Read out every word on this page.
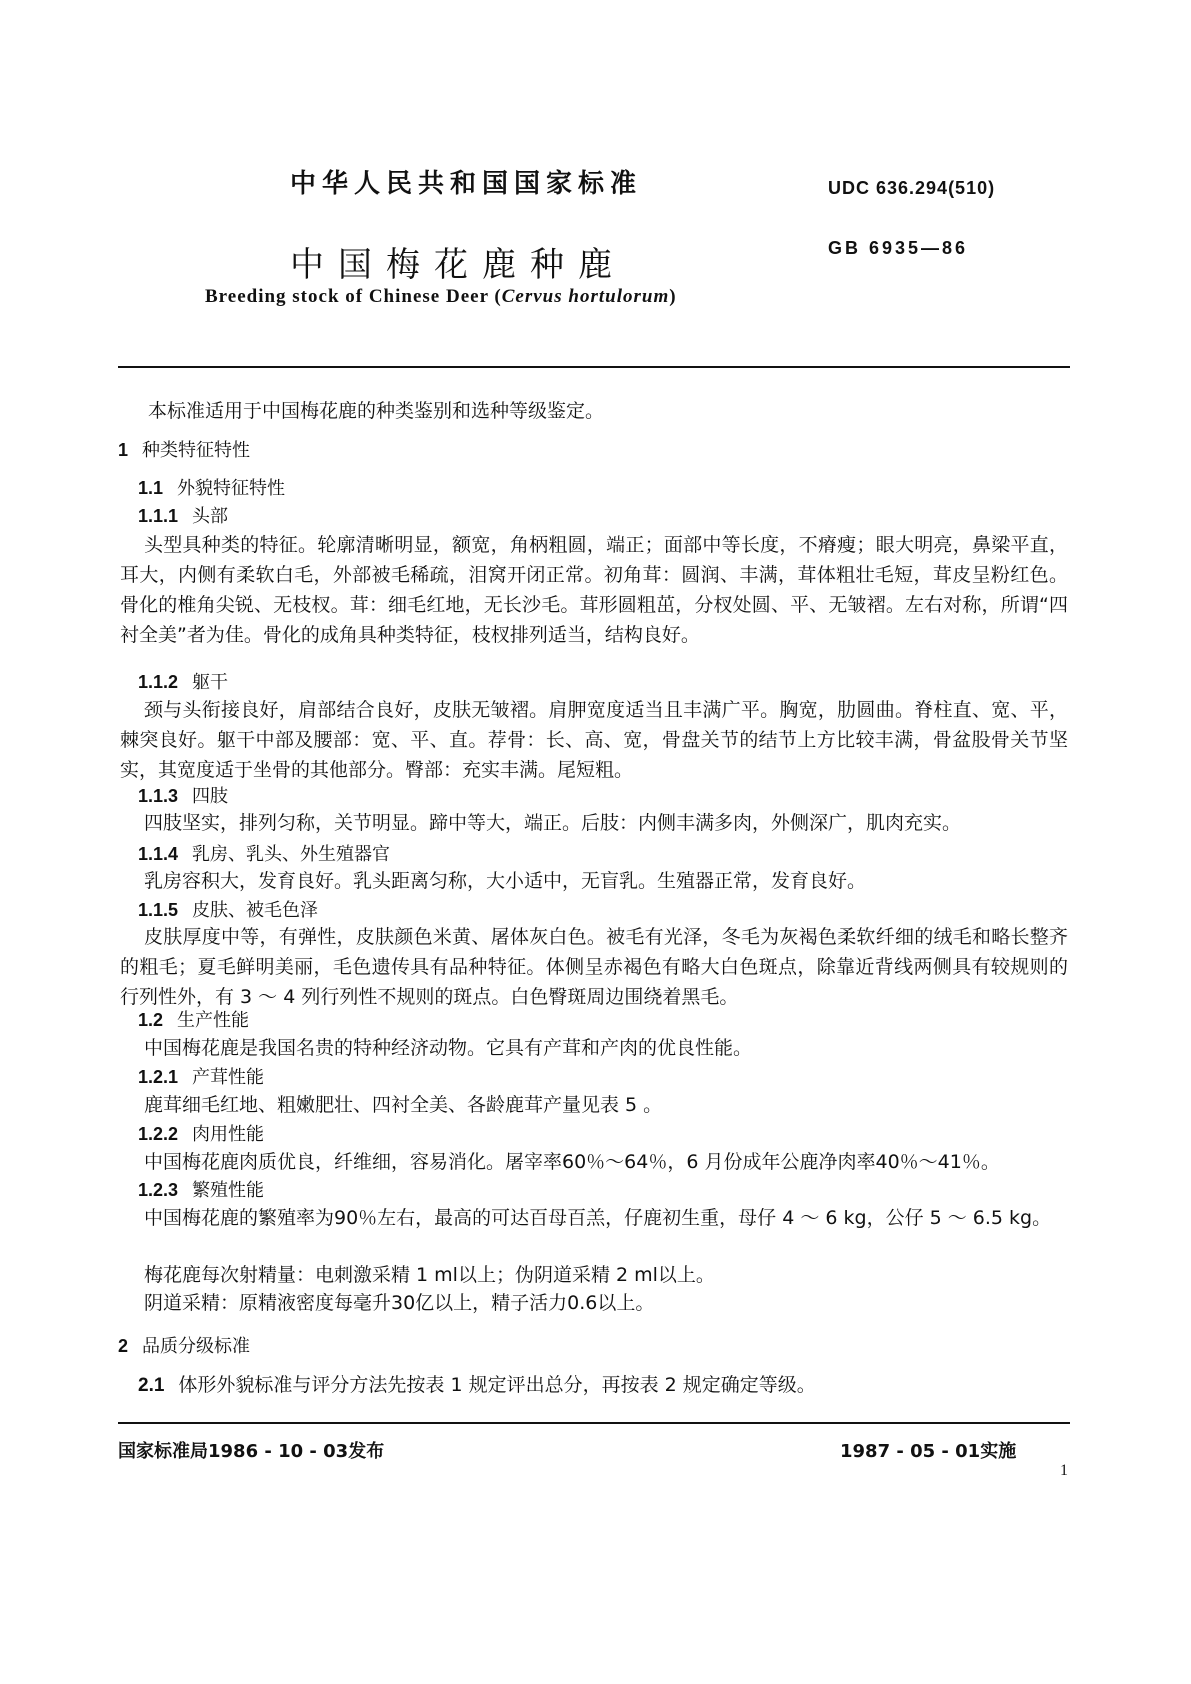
中华人民共和国国家标准	UDC 636.294(510)
中国梅花鹿种鹿	GB 6935—86
Breeding stock of Chinese Deer (Cervus hortulorum)
本标准适用于中国梅花鹿的种类鉴别和选种等级鉴定。
1 种类特征特性
1.1 外貌特征特性
1.1.1 头部
头型具种类的特征。轮廓清晰明显，额宽，角柄粗圆，端正；面部中等长度，不瘠瘦；眼大明亮，鼻梁平直，耳大，内侧有柔软白毛，外部被毛稀疏，泪窝开闭正常。初角茸：圆润、丰满，茸体粗壮毛短，茸皮呈粉红色。骨化的椎角尖锐、无枝杈。茸：细毛红地，无长沙毛。茸形圆粗茁，分杈处圆、平、无皱褶。左右对称，所谓“四衬全美”者为佳。骨化的成角具种类特征，枝杈排列适当，结构良好。
1.1.2 躯干
颈与头衔接良好，肩部结合良好，皮肤无皱褶。肩胛宽度适当且丰满广平。胸宽，肋圆曲。脊柱直、宽、平，棘突良好。躯干中部及腰部：宽、平、直。荐骨：长、高、宽，骨盘关节的结节上方比较丰满，骨盆股骨关节坚实，其宽度适于坐骨的其他部分。臀部：充实丰满。尾短粗。
1.1.3 四肢
四肢坚实，排列匀称，关节明显。蹄中等大，端正。后肢：内侧丰满多肉，外侧深广，肌肉充实。
1.1.4 乳房、乳头、外生殖器官
乳房容积大，发育良好。乳头距离匀称，大小适中，无盲乳。生殖器正常，发育良好。
1.1.5 皮肤、被毛色泽
皮肤厚度中等，有弹性，皮肤颜色米黄、屠体灰白色。被毛有光泽，冬毛为灰褐色柔软纤细的绒毛和略长整齐的粗毛；夏毛鲜明美丽，毛色遗传具有品种特征。体侧呈赤褐色有略大白色斑点，除靠近背线两侧具有较规则的行列性外，有 3 ～ 4 列行列性不规则的斑点。白色臀斑周边围绕着黑毛。
1.2 生产性能
中国梅花鹿是我国名贵的特种经济动物。它具有产茸和产肉的优良性能。
1.2.1 产茸性能
鹿茸细毛红地、粗嫩肥壮、四衬全美、各龄鹿茸产量见表 5 。
1.2.2 肉用性能
中国梅花鹿肉质优良，纤维细，容易消化。屠宰率60％～64％，6 月份成年公鹿净肉率40％～41％。
1.2.3 繁殖性能
中国梅花鹿的繁殖率为90％左右，最高的可达百母百羔，仔鹿初生重，母仔 4 ～ 6 kg，公仔 5 ～ 6.5 kg。
梅花鹿每次射精量：电刺激采精 1 ml以上；伪阴道采精 2 ml以上。
阴道采精：原精液密度每毫升30亿以上，精子活力0.6以上。
2 品质分级标准
2.1 体形外貌标准与评分方法先按表 1 规定评出总分，再按表 2 规定确定等级。
国家标准局1986 - 10 - 03发布	1987 - 05 - 01实施
1
